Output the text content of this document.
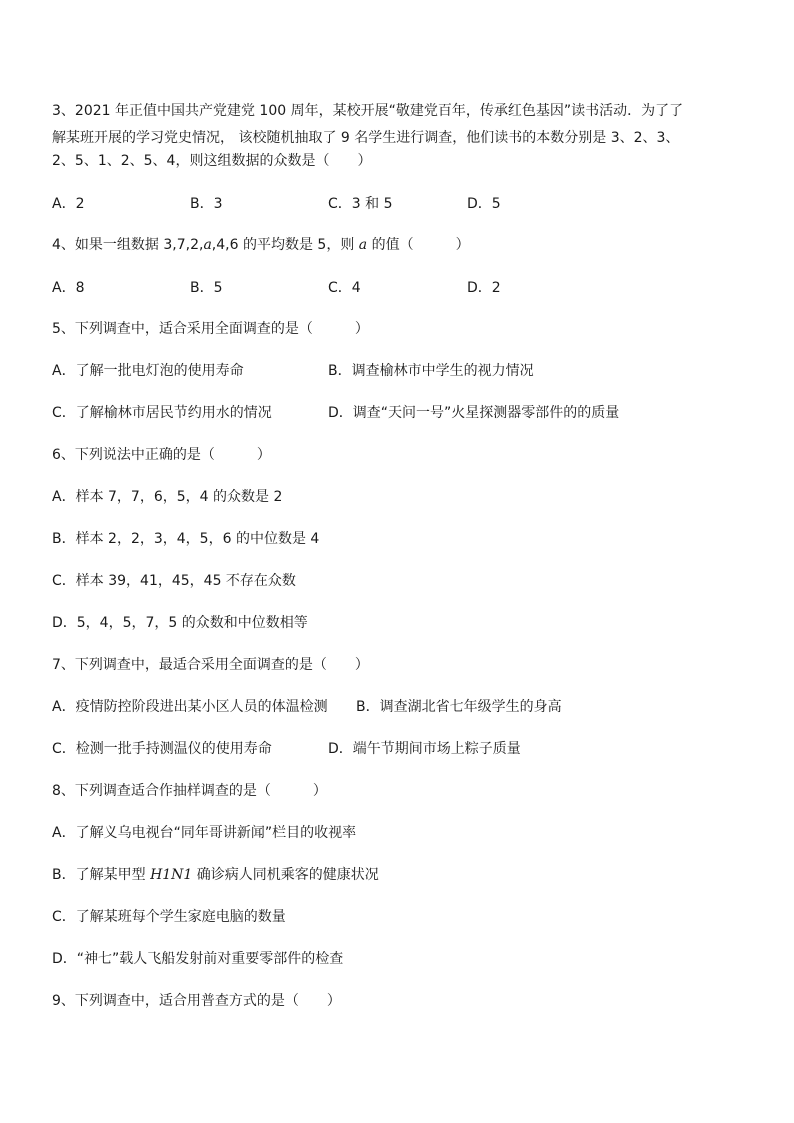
3、2021 年正值中国共产党建党 100 周年，某校开展“敬建党百年，传承红色基因”读书活动．为了了
解某班开展的学习党史情况， 该校随机抽取了 9 名学生进行调查，他们读书的本数分别是 3、2、3、
2、5、1、2、5、4，则这组数据的众数是（　　）
A．2	B．3	C．3 和 5	D．5
4、如果一组数据 3,7,2,a,4,6 的平均数是 5，则 a 的值（　　　）
A．8	B．5	C．4	D．2
5、下列调查中，适合采用全面调查的是（　　　）
A．了解一批电灯泡的使用寿命	B．调查榆林市中学生的视力情况
C．了解榆林市居民节约用水的情况	D．调查“天问一号”火星探测器零部件的的质量
6、下列说法中正确的是（　　　）
A．样本 7，7，6，5，4 的众数是 2
B．样本 2，2，3，4，5，6 的中位数是 4
C．样本 39，41，45，45 不存在众数
D．5，4，5，7，5 的众数和中位数相等
7、下列调查中，最适合采用全面调查的是（　　）
A．疫情防控阶段进出某小区人员的体温检测 B．调查湖北省七年级学生的身高
C．检测一批手持测温仪的使用寿命	D．端午节期间市场上粽子质量
8、下列调查适合作抽样调查的是（　　　）
A．了解义乌电视台“同年哥讲新闻”栏目的收视率
B．了解某甲型 H1N1 确诊病人同机乘客的健康状况
C．了解某班每个学生家庭电脑的数量
D．“神七”载人飞船发射前对重要零部件的检查
9、下列调查中，适合用普查方式的是（　　）
